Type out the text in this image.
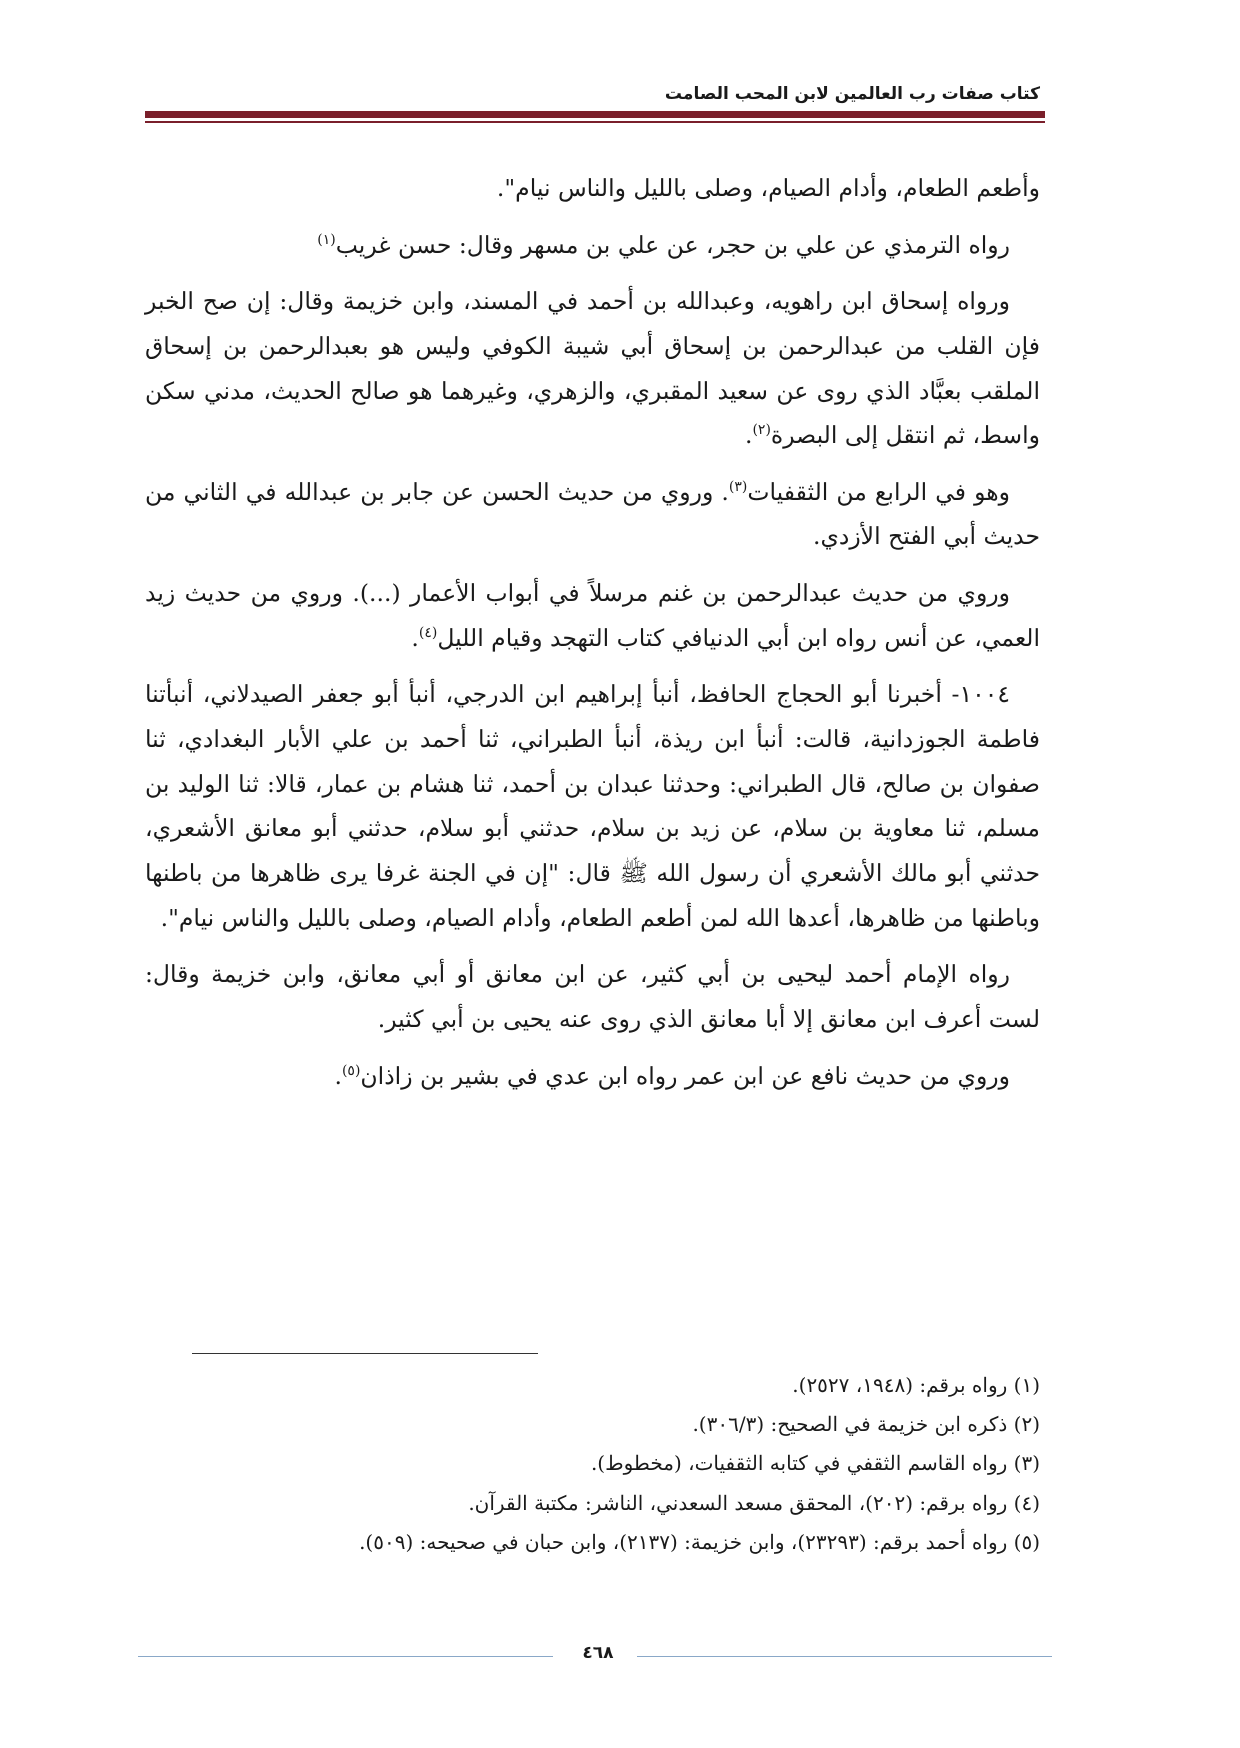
كتاب صفات رب العالمين لابن المحب الصامت

وأطعم الطعام، وأدام الصيام، وصلى بالليل والناس نيام".

رواه الترمذي عن علي بن حجر، عن علي بن مسهر وقال: حسن غريب$^{(١)}$

ورواه إسحاق ابن راهويه، وعبدالله بن أحمد في المسند، وابن خزيمة وقال: إن صح الخبر فإن القلب من عبدالرحمن بن إسحاق أبي شيبة الكوفي وليس هو بعبدالرحمن بن إسحاق الملقب بعبَّاد الذي روى عن سعيد المقبري، والزهري، وغيرهما هو صالح الحديث، مدني سكن واسط، ثم انتقل إلى البصرة$^{(٢)}$.

وهو في الرابع من الثقفيات$^{(٣)}$. وروي من حديث الحسن عن جابر بن عبدالله في الثاني من حديث أبي الفتح الأزدي.

وروي من حديث عبدالرحمن بن غنم مرسلاً في أبواب الأعمار (...). وروي من حديث زيد العمي، عن أنس رواه ابن أبي الدنيافي كتاب التهجد وقيام الليل$^{(٤)}$.

١٠٠٤- أخبرنا أبو الحجاج الحافظ، أنبأ إبراهيم ابن الدرجي، أنبأ أبو جعفر الصيدلاني، أنبأتنا فاطمة الجوزدانية، قالت: أنبأ ابن ريذة، أنبأ الطبراني، ثنا أحمد بن علي الأبار البغدادي، ثنا صفوان بن صالح، قال الطبراني: وحدثنا عبدان بن أحمد، ثنا هشام بن عمار، قالا: ثنا الوليد بن مسلم، ثنا معاوية بن سلام، عن زيد بن سلام، حدثني أبو سلام، حدثني أبو معانق الأشعري، حدثني أبو مالك الأشعري أن رسول الله ﷺ قال: "إن في الجنة غرفا يرى ظاهرها من باطنها وباطنها من ظاهرها، أعدها الله لمن أطعم الطعام، وأدام الصيام، وصلى بالليل والناس نيام".

رواه الإمام أحمد ليحيى بن أبي كثير، عن ابن معانق أو أبي معانق، وابن خزيمة وقال: لست أعرف ابن معانق إلا أبا معانق الذي روى عنه يحيى بن أبي كثير.

وروي من حديث نافع عن ابن عمر رواه ابن عدي في بشير بن زاذان$^{(٥)}$.

(١) رواه برقم: (١٩٤٨، ٢٥٢٧).

(٢) ذكره ابن خزيمة في الصحيح: (٣٠٦/٣).

(٣) رواه القاسم الثقفي في كتابه الثقفيات، (مخطوط).

(٤) رواه برقم: (٢٠٢)، المحقق مسعد السعدني، الناشر: مكتبة القرآن.

(٥) رواه أحمد برقم: (٢٣٢٩٣)، وابن خزيمة: (٢١٣٧)، وابن حبان في صحيحه: (٥٠٩).

٤٦٨
